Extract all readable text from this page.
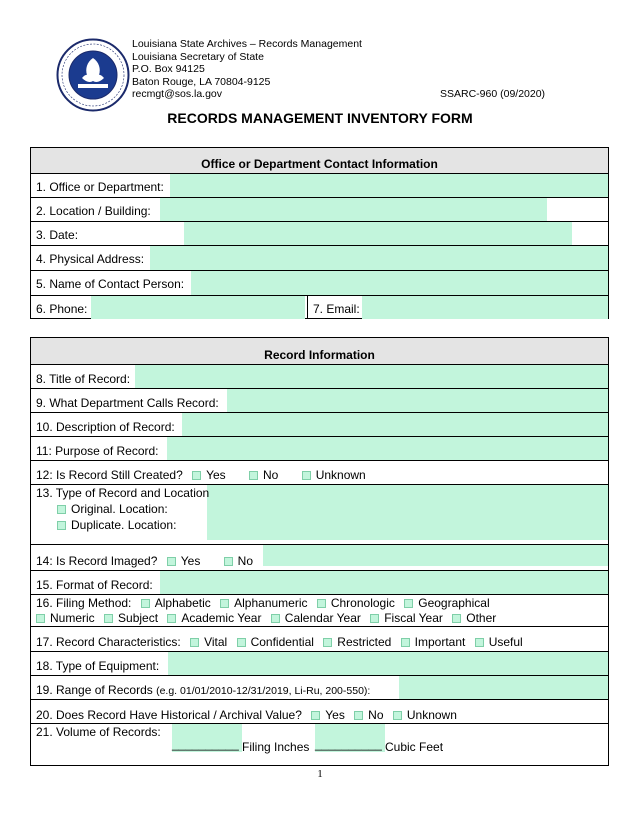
Louisiana State Archives – Records Management
Louisiana Secretary of State
P.O. Box 94125
Baton Rouge, LA 70804-9125
recmgt@sos.la.gov	SSARC-960 (09/2020)
RECORDS MANAGEMENT INVENTORY FORM
Office or Department Contact Information
1. Office or Department:
2. Location / Building:
3. Date:
4. Physical Address:
5. Name of Contact Person:
6. Phone:	7. Email:
Record Information
8. Title of Record:
9. What Department Calls Record:
10. Description of Record:
11: Purpose of Record:
12: Is Record Still Created? Yes	No	Unknown
13. Type of Record and Location
Original. Location:
Duplicate. Location:
14: Is Record Imaged? Yes	No
15. Format of Record:
16. Filing Method: Alphabetic Alphanumeric Chronologic Geographical
Numeric Subject Academic Year Calendar Year Fiscal Year Other
17. Record Characteristics: Vital Confidential Restricted Important Useful
18. Type of Equipment:
19. Range of Records (e.g. 01/01/2010-12/31/2019, Li-Ru, 200-550):
20. Does Record Have Historical / Archival Value? Yes No Unknown
21. Volume of Records:
__________ Filing Inches __________ Cubic Feet
1
